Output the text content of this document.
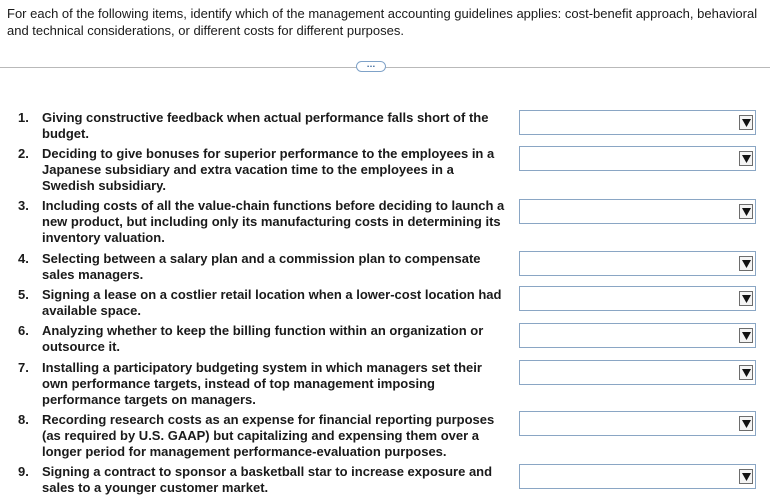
For each of the following items, identify which of the management accounting guidelines applies: cost-benefit approach, behavioral and technical considerations, or different costs for different purposes.

…
1.	Giving constructive feedback when actual performance falls short of the budget.
2.	Deciding to give bonuses for superior performance to the employees in a Japanese subsidiary and extra vacation time to the employees in a Swedish subsidiary.
3.	Including costs of all the value-chain functions before deciding to launch a new product, but including only its manufacturing costs in determining its inventory valuation.
4.	Selecting between a salary plan and a commission plan to compensate sales managers.
5.	Signing a lease on a costlier retail location when a lower-cost location had available space.
6.	Analyzing whether to keep the billing function within an organization or outsource it.
7.	Installing a participatory budgeting system in which managers set their own performance targets, instead of top management imposing performance targets on managers.
8.	Recording research costs as an expense for financial reporting purposes (as required by U.S. GAAP) but capitalizing and expensing them over a longer period for management performance-evaluation purposes.
9.	Signing a contract to sponsor a basketball star to increase exposure and sales to a younger customer market.
